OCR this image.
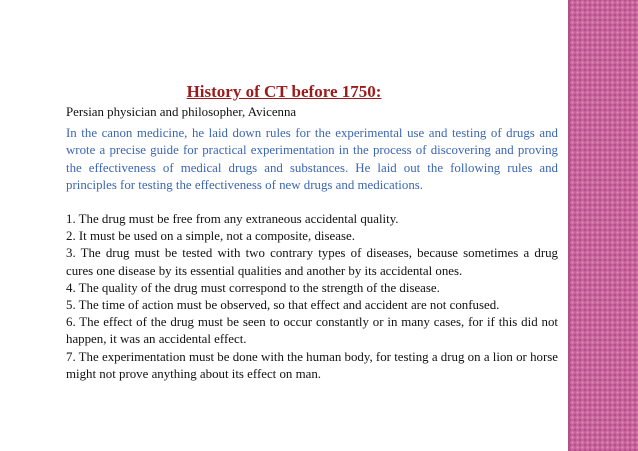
History of CT before 1750:

Persian physician and philosopher, Avicenna

In the canon medicine, he laid down rules for the experimental use and testing of drugs and wrote a precise guide for practical experimentation in the process of discovering and proving the effectiveness of medical drugs and substances. He laid out the following rules and principles for testing the effectiveness of new drugs and medications.

1. The drug must be free from any extraneous accidental quality.

2. It must be used on a simple, not a composite, disease.

3. The drug must be tested with two contrary types of diseases, because sometimes a drug cures one disease by its essential qualities and another by its accidental ones.

4. The quality of the drug must correspond to the strength of the disease.

5. The time of action must be observed, so that effect and accident are not confused.

6. The effect of the drug must be seen to occur constantly or in many cases, for if this did not happen, it was an accidental effect.

7. The experimentation must be done with the human body, for testing a drug on a lion or horse might not prove anything about its effect on man.
